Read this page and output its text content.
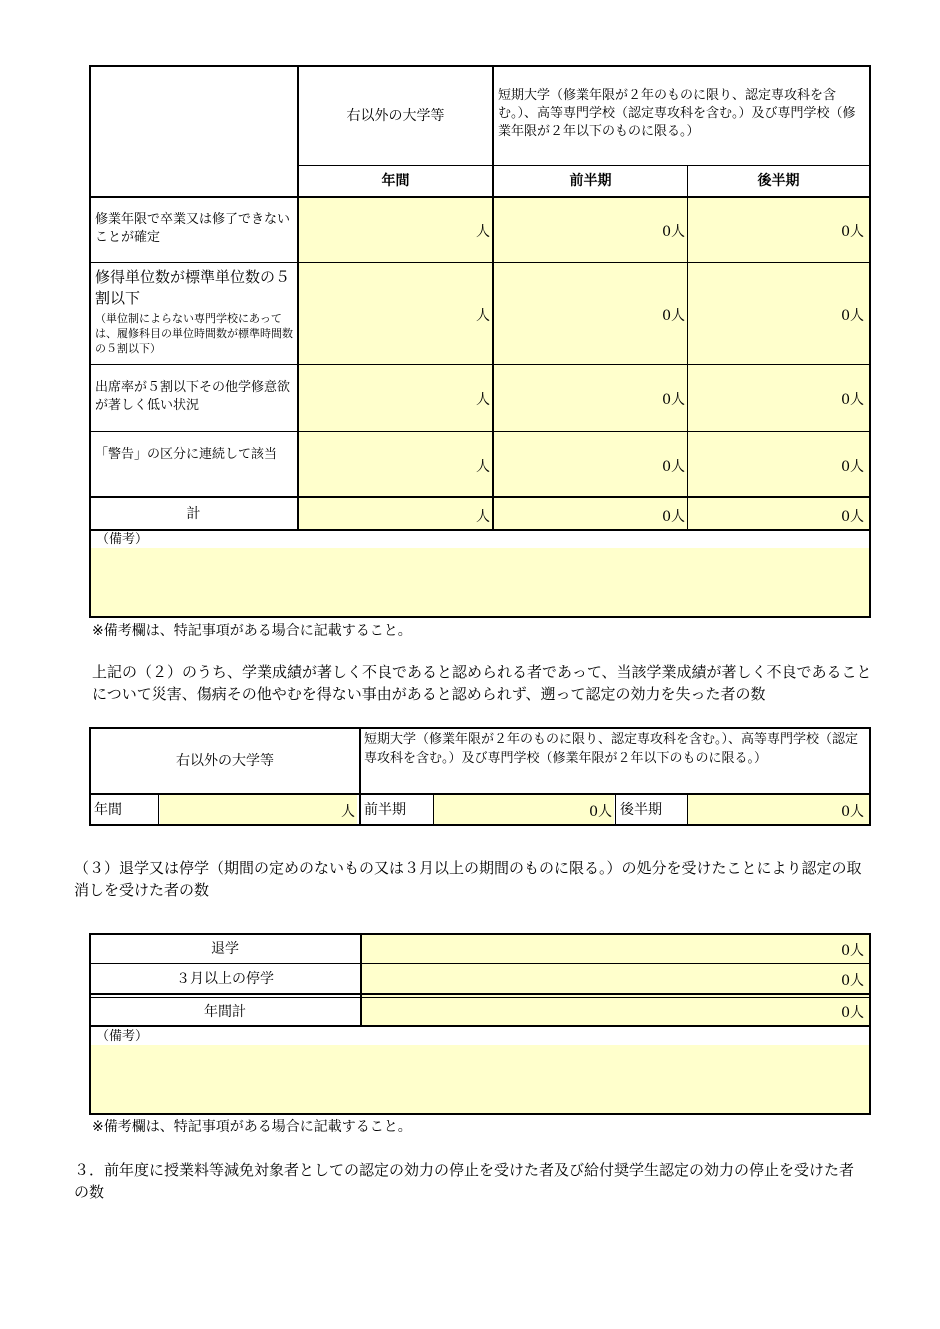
右以外の大学等
短期大学（修業年限が２年のものに限り、認定専攻科を含む。）、高等専門学校（認定専攻科を含む。）及び専門学校（修業年限が２年以下のものに限る。）
年間	前半期	後半期
修業年限で卒業又は修了できないことが確定	人	0人	0人
修得単位数が標準単位数の５割以下
（単位制によらない専門学校にあっては、履修科目の単位時間数が標準時間数の５割以下）
人	0人	0人
出席率が５割以下その他学修意欲が著しく低い状況	人	0人	0人
「警告」の区分に連続して該当
人	0人	0人
計	人	0人	0人
（備考）
※備考欄は、特記事項がある場合に記載すること。
上記の（２）のうち、学業成績が著しく不良であると認められる者であって、当該学業成績が著しく不良であることについて災害、傷病その他やむを得ない事由があると認められず、遡って認定の効力を失った者の数
右以外の大学等
短期大学（修業年限が２年のものに限り、認定専攻科を含む。）、高等専門学校（認定専攻科を含む。）及び専門学校（修業年限が２年以下のものに限る。）
年間	人 前半期	0人 後半期	0人
（３）退学又は停学（期間の定めのないもの又は３月以上の期間のものに限る。）の処分を受けたことにより認定の取消しを受けた者の数
退学	0人
３月以上の停学	0人
年間計	0人
（備考）
※備考欄は、特記事項がある場合に記載すること。
３．前年度に授業料等減免対象者としての認定の効力の停止を受けた者及び給付奨学生認定の効力の停止を受けた者の数
